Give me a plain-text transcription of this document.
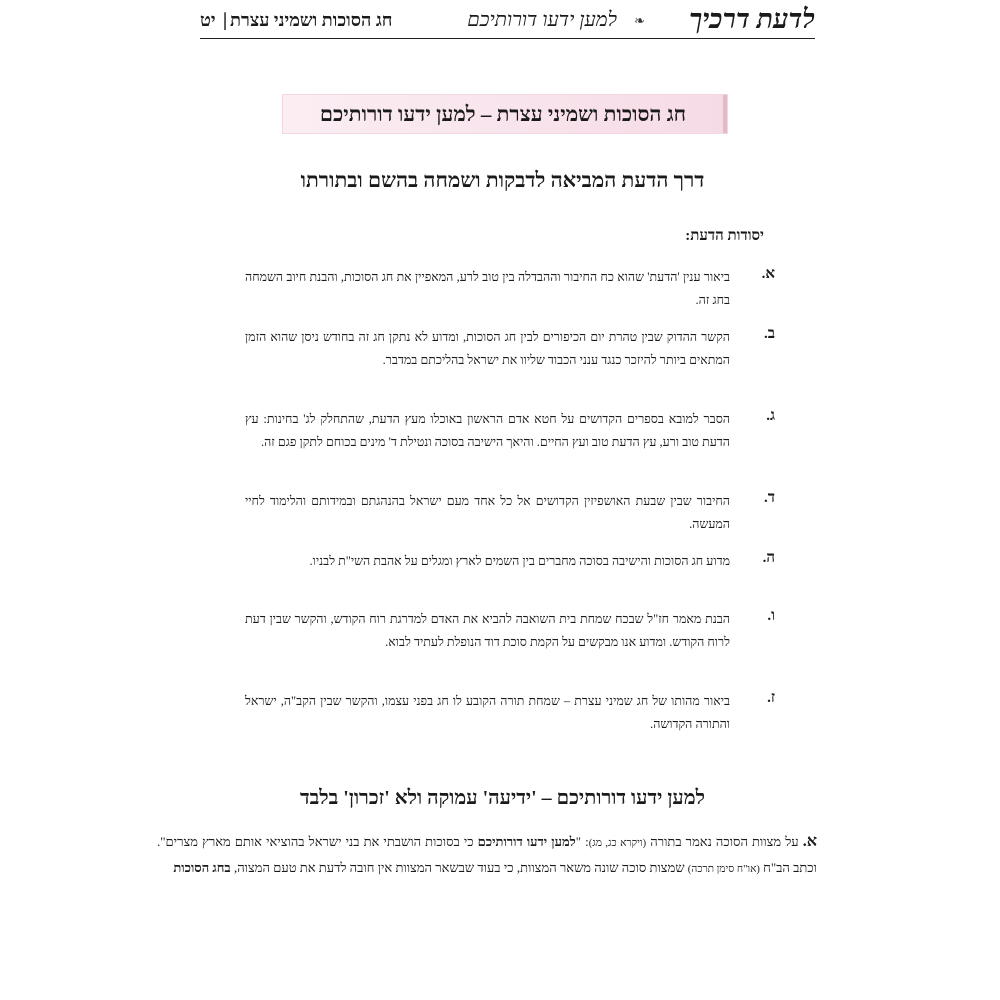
לדעת דרכיך
❧
למען ידעו דורותיכם
חג הסוכות ושמיני עצרת
|
יט
חג הסוכות ושמיני עצרת – למען ידעו דורותיכם
דרך הדעת המביאה לדבקות ושמחה בהשם ובתורתו
יסודות הדעת:
א.
ביאור ענין 'הדעת' שהוא כח החיבור וההבדלה בין טוב לרע, המאפיין את חג הסוכות, והבנת חיוב השמחה בחג זה.
ב.
הקשר ההדוק שבין טהרת יום הכיפורים לבין חג הסוכות, ומדוע לא נתקן חג זה בחודש ניסן שהוא הזמן המתאים ביותר להיזכר כנגד ענני הכבוד שליוו את ישראל בהליכתם במדבר.
ג.
הסבר למובא בספרים הקדושים על חטא אדם הראשון באוכלו מעץ הדעת, שהתחלק לג' בחינות: עץ הדעת טוב ורע, עץ הדעת טוב ועץ החיים. והיאך הישיבה בסוכה ונטילת ד' מינים בכוחם לתקן פגם זה.
ד.
החיבור שבין שבעת האושפיזין הקדושים אל כל אחד מעם ישראל בהנהגתם ובמידותם והלימוד לחיי המעשה.
ה.
מדוע חג הסוכות והישיבה בסוכה מחברים בין השמים לארץ ומגלים על אהבת השי"ת לבניו.
ו.
הבנת מאמר חז"ל שבכח שמחת בית השואבה להביא את האדם למדרגת רוח הקודש, והקשר שבין דעת לרוח הקודש. ומדוע אנו מבקשים על הקמת סוכת דוד הנופלת לעתיד לבוא.
ז.
ביאור מהותו של חג שמיני עצרת – שמחת תורה הקובע לו חג בפני עצמו, והקשר שבין הקב"ה, ישראל והתורה הקדושה.
למען ידעו דורותיכם – 'ידיעה' עמוקה ולא 'זכרון' בלבד
א. על מצוות הסוכה נאמר בתורה (ויקרא כג, מג): "למען ידעו דורותיכם כי בסוכות הושבתי את בני ישראל בהוציאי אותם מארץ מצרים". וכתב הב"ח (או"ח סימן תרכה) שמצות סוכה שונה משאר המצוות, כי בעוד שבשאר המצוות אין חובה לדעת את טעם המצוה, בחג הסוכות
